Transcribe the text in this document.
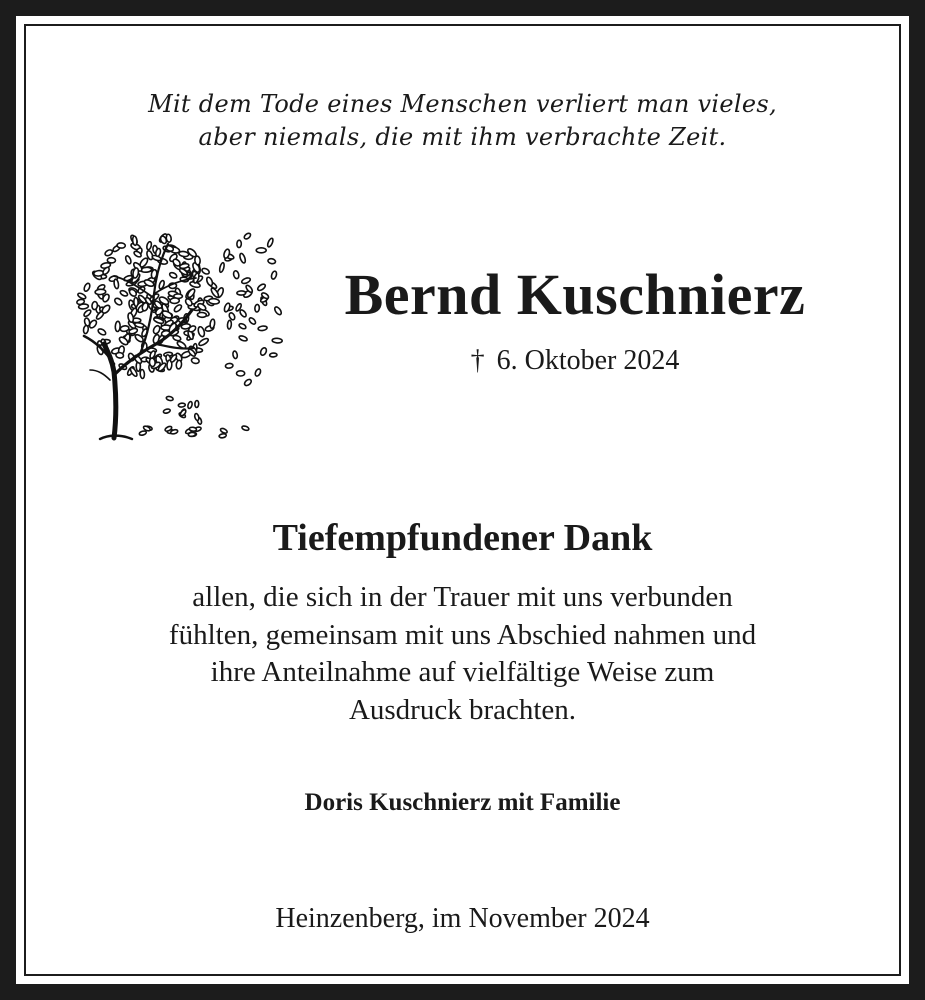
Mit dem Tode eines Menschen verliert man vieles,
aber niemals, die mit ihm verbrachte Zeit.
Bernd Kuschnierz
† 6. Oktober 2024
Tiefempfundener Dank
allen, die sich in der Trauer mit uns verbunden
fühlten, gemeinsam mit uns Abschied nahmen und
ihre Anteilnahme auf vielfältige Weise zum
Ausdruck brachten.
Doris Kuschnierz mit Familie
Heinzenberg, im November 2024
